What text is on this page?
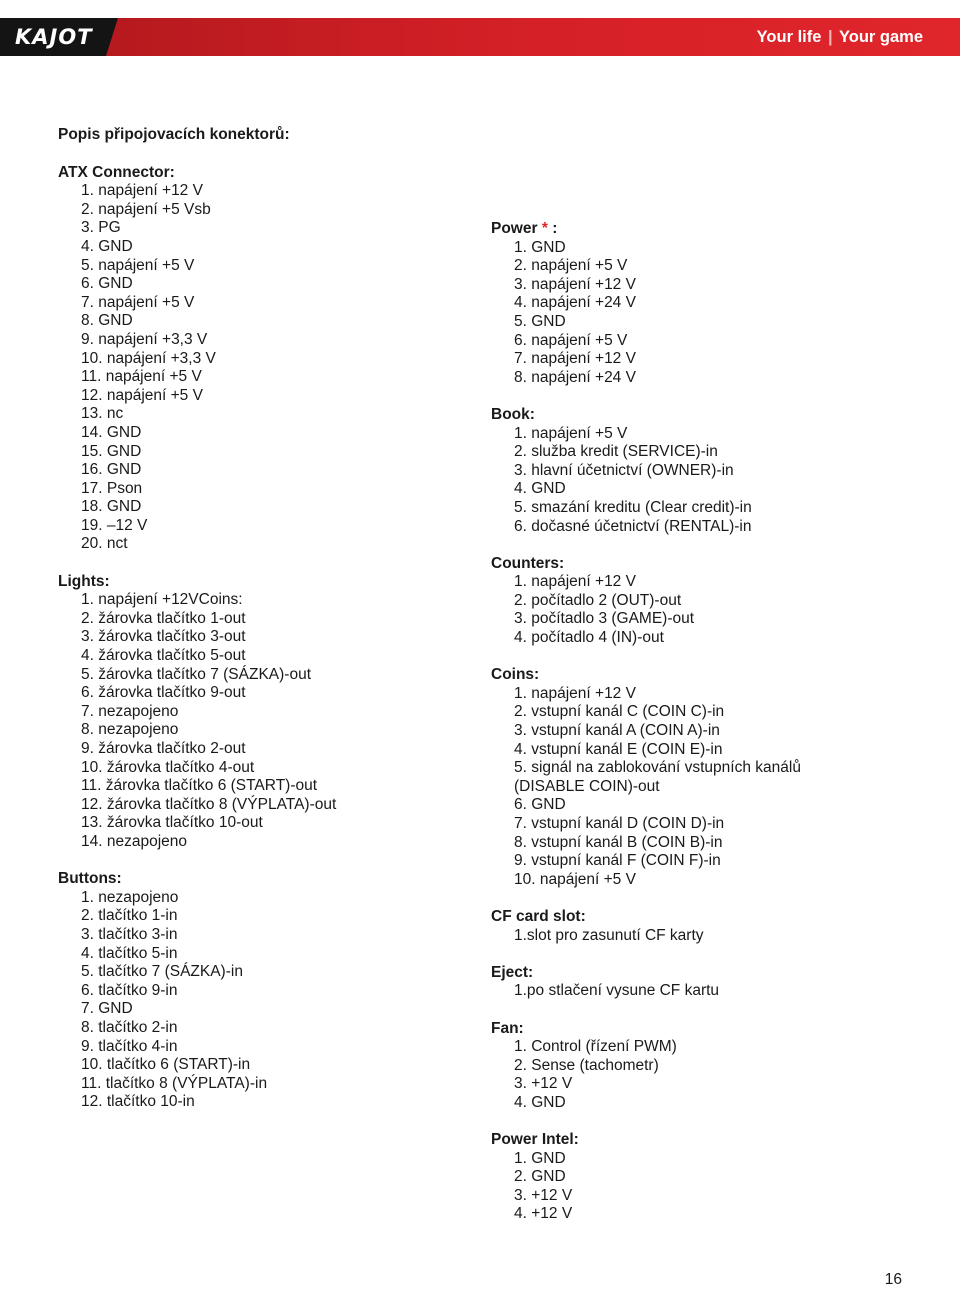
KAJOT	Your life | Your game
Popis připojovacích konektorů:
ATX Connector:
1. napájení +12 V
2. napájení +5 Vsb
3. PG
4. GND
5. napájení +5 V
6. GND
7. napájení +5 V
8. GND
9. napájení +3,3 V
10. napájení +3,3 V
11. napájení +5 V
12. napájení +5 V
13. nc
14. GND
15. GND
16. GND
17. Pson
18. GND
19. –12 V
20. nct
Lights:
1. napájení +12VCoins:
2. žárovka tlačítko 1-out
3. žárovka tlačítko 3-out
4. žárovka tlačítko 5-out
5. žárovka tlačítko 7 (SÁZKA)-out
6. žárovka tlačítko 9-out
7. nezapojeno
8. nezapojeno
9. žárovka tlačítko 2-out
10. žárovka tlačítko 4-out
11. žárovka tlačítko 6 (START)-out
12. žárovka tlačítko 8 (VÝPLATA)-out
13. žárovka tlačítko 10-out
14. nezapojeno
Buttons:
1. nezapojeno
2. tlačítko 1-in
3. tlačítko 3-in
4. tlačítko 5-in
5. tlačítko 7 (SÁZKA)-in
6. tlačítko 9-in
7. GND
8. tlačítko 2-in
9. tlačítko 4-in
10. tlačítko 6 (START)-in
11. tlačítko 8 (VÝPLATA)-in
12. tlačítko 10-in
Power * :
1. GND
2. napájení +5 V
3. napájení +12 V
4. napájení +24 V
5. GND
6. napájení +5 V
7. napájení +12 V
8. napájení +24 V
Book:
1. napájení +5 V
2. služba kredit (SERVICE)-in
3. hlavní účetnictví (OWNER)-in
4. GND
5. smazání kreditu (Clear credit)-in
6. dočasné účetnictví (RENTAL)-in
Counters:
1. napájení +12 V
2. počítadlo 2 (OUT)-out
3. počítadlo 3 (GAME)-out
4. počítadlo 4 (IN)-out
Coins:
1. napájení +12 V
2. vstupní kanál C (COIN C)-in
3. vstupní kanál A (COIN A)-in
4. vstupní kanál E (COIN E)-in
5. signál na zablokování vstupních kanálů
(DISABLE COIN)-out
6. GND
7. vstupní kanál D (COIN D)-in
8. vstupní kanál B (COIN B)-in
9. vstupní kanál F (COIN F)-in
10. napájení +5 V
CF card slot:
1.slot pro zasunutí CF karty
Eject:
1.po stlačení vysune CF kartu
Fan:
1. Control (řízení PWM)
2. Sense (tachometr)
3. +12 V
4. GND
Power Intel:
1. GND
2. GND
3. +12 V
4. +12 V
16
